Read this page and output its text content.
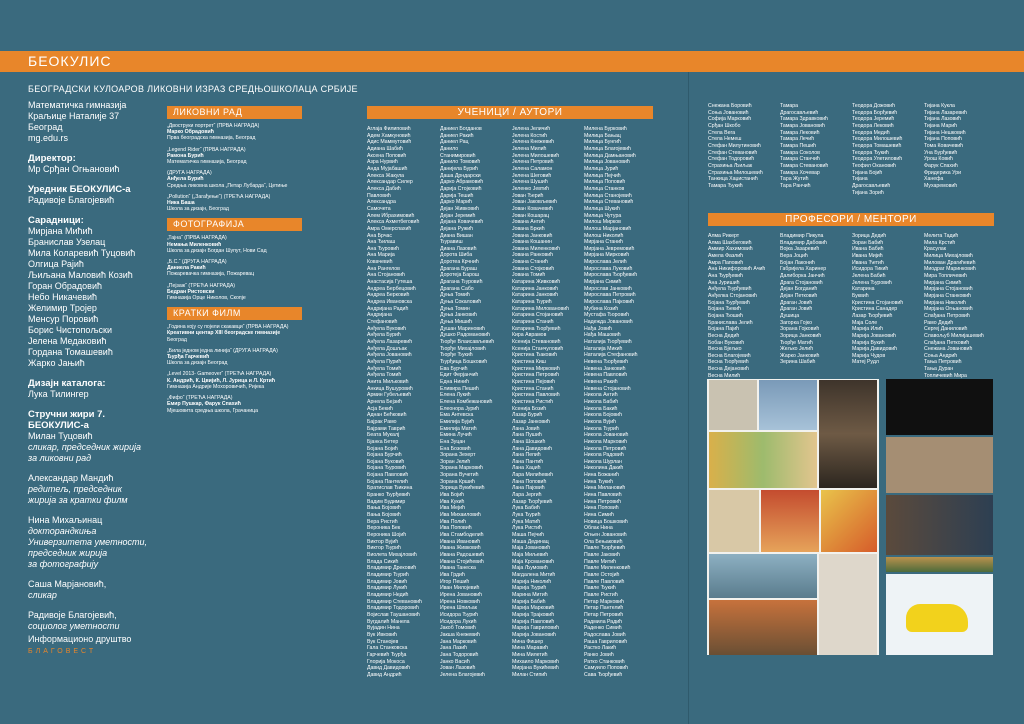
БЕОКУЛИС
БЕОГРАДСКИ КУЛОАРОВ ЛИКОВНИ ИЗРАЗ СРЕДЊОШКОЛАЦА СРБИЈЕ

Математичка гимназија

Краљице Наталије 37

Београд

mg.edu.rs

Директор:

Мр Срђан Огњановић

Уредник БЕОКУЛИС-а

Радивоје Благојевић

Сарадници:

Мирјана Мићић

Бранислав Узелац

Мила Коларевић Туцовић

Олгица Рајић

Љиљана Маловић Козић

Горан Обрадовић

Небо Никачевић

Желимир Тројер

Менсур Поровић

Борис Чистопољски

Јелена Медаковић

Гордана Томашевић

Жарко Јањић

Дизајн каталога:

Лука Тилингер

Стручни жири 7. БЕОКУЛИС-а

Милан Туцовић

сликар, председник жирија

за ликовни рад

Александар Мандић

редитељ, председник

жирија за кратки филм

Нина Михаљинац

докторандкиња

Универзитета уметности,

председник жирија

за фотографију

Саша Марјановић,

сликар

Радивоје Благојевић,

социолог уметности

Информационо друштво
БЛАГОВЕСТ
ЛИКОВНИ РАД
„Двоструки портрет“ (ПРВА НАГРАДА)
Марко Обрадовић
Прва београдска гимназија, Београд
„Legend Rider“ (ПРВА НАГРАДА)
Рамона Бурић
Математичка гимназија, Београд
(ДРУГА НАГРАДА)
Анђела Бурић
Средња ликовна школа „Петар Лубарда“, Цетиње
„Pollution“ („Загађење“) (ТРЕЋА НАГРАДА)
Ника Баша
Школа за дизајн, Београд
ФОТОГРАФИЈА
„Тајна“ (ПРВА НАГРАДА)
Немања Миленковић
Школа за дизајн Богдан Шупут, Нови Сад
„Б.С.“ (ДРУГА НАГРАДА)
Даниела Ракић
Пожаревачка гимназија, Пожаревац
„Пејзаж“ (ТРЕЋА НАГРАДА)
Бедран Ристовски
Гимназија Орце Николов, Скопје
КРАТКИ ФИЛМ
„Година коју су појели скакавци“ (ПРВА НАГРАДА)
Креативни центар XIII београдске гимназије
Београд
„Била једном једна линија“ (ДРУГА НАГРАДА)
Ђурђа Гарчевић
Школа за дизајн Београд
„Level 2013- Gameover“ (ТРЕЋА НАГРАДА)
К. Андрић, К. Цвијић, Л. Јурица и Л. Кртић
Гимназија Андрије Мохоровичић, Ријека
„Фифо“ (ТРЕЋА НАГРАДА)
Емир Пушкар, Фарук Спахић
Мјешовита средња школа, Грачаница
УЧЕНИЦИ / АУТОРИ
Аглаја Филиповић
Адем Хамкуновић
Адис Маммутовић
Адиана Шабић
Аксена Поповић
Азра Нурвић
Анда Мујабашић
Алекса Жакула
Александар Силер
Алекса Дабић
Павловић
Александра
Самочета
Алем Ибрахимовић
Алекса Ахметбеговић
Амра Омерспахић
Ана Брчас
Ана Ђилаш
Ана Ђуровић
Ана Марија
Ковачевић
Ана Рангелов
Ана Стојановић
Анастасија Гутеша
Андреа Бербецовић
Андреа Берковић
Андреа Ивановска
Андријана Радић
Андријана
Стефановић
Анђела Вуковић
Анђела Бурић
Анђела Лазаревић
Анђела Дошљак
Анђела Јовановић
Анђела Пурић
Анђела Томић
Анђела Томић
Анита Миљковић
Анкица Вушуровић
Армин Губељевић
Арнела Бејзић
Асја Бекић
Аднан Бећковић
Бајрак Рамо
Бајрами Таврић
Беата Мукалј
Бјанка Бетер
Бојана Бојић
Бојана Бурчић
Бојана Вуковић
Бојана Ђуровић
Бојана Павловић
Бојана Пантелић
Братислав Ђикина
Бранко Ђурђевић
Вадим Будимир
Вања Бојовић
Вања Бојовић
Вера Ристић
Вероника Бек
Вероника Шојић
Виктор Вујић
Виктор Ђурић
Виолета Михајловић
Влада Сикић
Владимир Дрековић
Владимир Ђурић
Владимир Јовић
Владимир Лукић
Владимир Недић
Владимир Стевановић
Владимир Тодоровић
Војислав Таушановић
Вугдалић Манела
Вујадин Нина
Вук Ивковић
Вук Станојев
Гала Станковска
Гарчевић Ђурђа
Глорија Мокоса
Давид Давидовић
Давид Андрић
Даниел Богданов
Даниел Ракић
Даниел Рац
Данило
Станимировић
Данило Томовић
Данијела Бурић
Даша Дрндарски
Дарко Абрамовић
Дарија Стојковић
Дарија Тешић
Дарко Марић
Дејан Живковић
Дејан Јеремић
Дејана Ковачевић
Дејана Ружић
Диана Вишан
Ђуравиш
Диана Лазовић
Дорота Шиба
Доротеа Крчнић
Драгана Бураш
Доротеја Барош
Драгана Ђуровић
Драгана Сабо
Дуња Томић
Дуња Сокаловић
Дуња Томин
Дуња Јанковић
Дуња Мишић
Душан Мариновић
Душко Радомановић
Ђорђе Влаисављевић
Ђорђе Михајловић
Ђорђе Ђукић
Ђурђица Бошковић
Ева Бурчић
Едит Ферјанчић
Една Нинић
Еливира Пешић
Елена Лукић
Елена Комбежановић
Елеонора Јурић
Ема Антевска
Емилија Бујић
Емилија Матић
Емина Лучић
Ена Зуцан
Ена Бозовић
Зорана Зехерт
Зоран Јелић
Зорана Марковић
Зорана Вучетић
Зорана Кршић
Зорица Вукићевић
Ива Бојић
Ива Кукић
Ива Мејић
Ива Михаиловић
Ива Полић
Ива Поповић
Ива Стамбоделић
Ивана Ивановић
Ивана Живковић
Ивана Радошевић
Ивана Стојићевић
Ивана Танеска
Ива Грдић
Игор Пешић
Иван Милојевић
Ирена Јовановић
Ирена Новковић
Ирена Шпиљак
Исидора Ђурић
Исидора Лукић
Јакоб Томовић
Јакша Кнежевић
Јана Марковић
Јана Лазић
Јана Тодоровић
Јанко Васић
Јован Лазовић
Јелена Благојевић
Јелена Јеличић
Јелена Костић
Јелена Кнежевић
Јелена Милић
Јелена Милошевић
Јелена Петровић
Јелена Саламон
Јелена Шеговић
Јелена Шушић
Јеленко Јевтић
Јован Ђерић
Јован Јаковљевић
Јован Ковачевић
Јован Кошарац
Јована Антић
Јована Бркић
Јована Јанковић
Јована Кошанин
Јована Миленковић
Јована Ранковић
Јована Станић
Јована Стојковић
Јована Томић
Катарина Живковић
Катарина Јанковић
Катарина Јанковић
Катарина Ђурић
Катарина Миловановић
Катарина Стојановић
Катарина Станић
Катарина Ђорђевић
Кира Аврамов
Ксенија Стевановић
Ксенија Станчуловић
Кристина Ђаковић
Кристина Киш
Кристина Мирковић
Кристина Петровић
Кристина Пејовић
Кристина Станић
Кристина Павловић
Кристина Ристић
Ксенија Бозић
Лазар Бурић
Лазар Јанковић
Лана Јовић
Лана Пушић
Лана Шошкић
Лана Давидовић
Лана Пепић
Лана Пантић
Лана Хаџић
Лара Милићевић
Лана Поповић
Лана Пајовић
Лара Јергић
Лазар Ђорђевић
Лука Бабић
Лука Ђурић
Лука Матић
Лука Ристић
Маша Пејчић
Маша Дединац
Маја Јовановић
Маја Миљевић
Маја Крсмановић
Маја Љумовић
Магдалена Митић
Марија Николић
Марија Ђурић
Марина Митић
Марија Бабић
Марија Марковић
Марија Трајковић
Марија Павловић
Марија Гавриловић
Марија Јовановић
Мина Фишер
Мина Маравић
Мина Милетић
Михаило Марковић
Мирјана Вукићевић
Милан Стипић
Милена Бурковић
Милица Бањац
Милица Бунгић
Милица Благојевић
Милица Дамњановић
Милица Јовановић
Милица Јурић
Милица Пејчић
Милица Поповић
Милица Станков
Милица Станојевић
Милица Стевановић
Милица Шукић
Милица Чутура
Милош Мирков
Милош Марјановић
Милош Николић
Мирјана Станић
Мирјана Јевремовић
Мирјана Мирковић
Мирослава Јелић
Мирослава Луковић
Мирослава Ђорђевић
Мирјана Симић
Мирослав Јанковић
Мирослава Петровић
Мирослава Пајковић
Мубина Козић
Мустафа Ђоровић
Надежда Јовановић
Нађа Јовић
Нађа Машовић
Наталија Ђорђевић
Наталија Микић
Наталија Стефановић
Невена Ђорђевић
Невена Јанковић
Невена Павловић
Невена Ракић
Невена Стојановић
Никола Антић
Никола Бабић
Никола Бакић
Никола Бојовић
Никола Вујић
Никола Ђурић
Никола Јовановић
Никола Марковић
Никола Петровић
Никола Радовић
Никола Шурлан
Николина Дакић
Нина Божанић
Нина Ђукић
Нина Милановић
Нина Павловић
Нина Петровић
Нина Поповић
Нина Симић
Новица Бошковић
Облак Нина
Огњен Јовановић
Ола Бењаковић
Павле Ђорђевић
Павле Јаковић
Павле Митић
Павле Миленковић
Павле Остојић
Павле Павловић
Павле Ђукић
Павле Ристић
Петар Марковић
Петар Пантелић
Петар Петровић
Радмила Радић
Раденко Симић
Радослава Јовић
Раша Гавриловић
Растко Лакић
Ранко Јовић
Ратко Станковић
Самуило Поповић
Сава Ђорђевић
Снежана Боровић
Соња Јовановић
Софија Марковић
Срђан Шкобо
Стела Вега
Стела Немеш
Стефан Милутиновић
Стефан Стевановић
Стефан Тодоровић
Страхиња Љиљак
Страхиња Милошевић
Танкица Хаџистанић
Тамара Ђукић
Тамара
Драгосављевић
Тамара Здравковић
Тамара Јовановић
Тамара Лековић
Тамара Лечић
Тамара Пешић
Тамара Соколов
Тамара Станчић
Тамара Стевановић
Тамара Хочевар
Тара Жутић
Тара Ранчић
Теодора Дожовић
Теодора Борђевић
Теодора Јеремић
Теодора Лековић
Теодора Медић
Теодора Милошевић
Теодора Томашевић
Теодора Ђукић
Теодора Улетиловић
Теофил Окановић
Тијана Бојић
Тијана
Драгосављевић
Тијана Зорић
Тијана Кукла
Тијана Лазаревић
Тијана Лазовић
Тијана Марић
Тијана Нешковић
Тијана Поповић
Тома Ковачевић
Уна Бурђевић
Урош Ковић
Фарук Спахић
Фридерика Ури
Ханефа
Мухаремовић
ПРОФЕСОРИ / МЕНТОРИ
Алма Рикерт
Алма Шахбеговић
Аммир Хахимовић
Амела Фазлић
Амра Паповић
Ана Никифоровић Ачић
Ана Ђурђевић
Ана Јуришић
Анђела Ђурђевић
Анђелка Стојановић
Бојана Ђурђевић
Бојана Ђекић
Бојана Ђошић
Бранислава Јелић
Бојана Пајић
Весна Дедић
Бобан Вуковић
Весна Бјељко
Весна Благојевић
Весна Ђорђевић
Весна Дејановић
Весна Милић
Владимир Пикула
Владимир Дабовић
Војка Јазаревић
Вера Јоцић
Бојан Лаконић
Габријела Харинер
Далиборка Јанчић
Драга Стојановић
Дејан Богданић
Дејан Петковић
Драган Јовић
Драган Јовић
Душица
Загорка Гојко
Зорана Гојковић
Зорица Јанковић
Ђорђе Матић
Жељко Јелић
Жарко Јанковић
Зерина Шабић
Зорица Дедић
Зоран Бабић
Ивана Бабић
Ивана Мијић
Ивана Ћетић
Исидора Тикић
Јелена Бабић
Јелена Ђуровић
Катарина
Буквић
Кристина Стојановић
Кристина Санадер
Лазар Ђорђевић
Маја Соле
Марија Илић
Марија Јовановић
Марија Вукић
Марија Давидовић
Марија Чудов
Матеј Рудл
Мелита Тадић
Мила Крстић
Красулак
Милица Михајловић
Милован Драгићевић
Миодраг Маринковић
Мира Топличевић
Мирјана Симић
Мирјана Стојановић
Мирјана Станковић
Мирјана Николић
Мирјана Огњановић
Слађана Петровић
Рамо Дедић
Сергеј Даниловић
Славољуб Милијашевић
Слађана Петковић
Снежана Јовановић
Соња Андрић
Тања Петровић
Тања Дуран
Топличевић Мира
